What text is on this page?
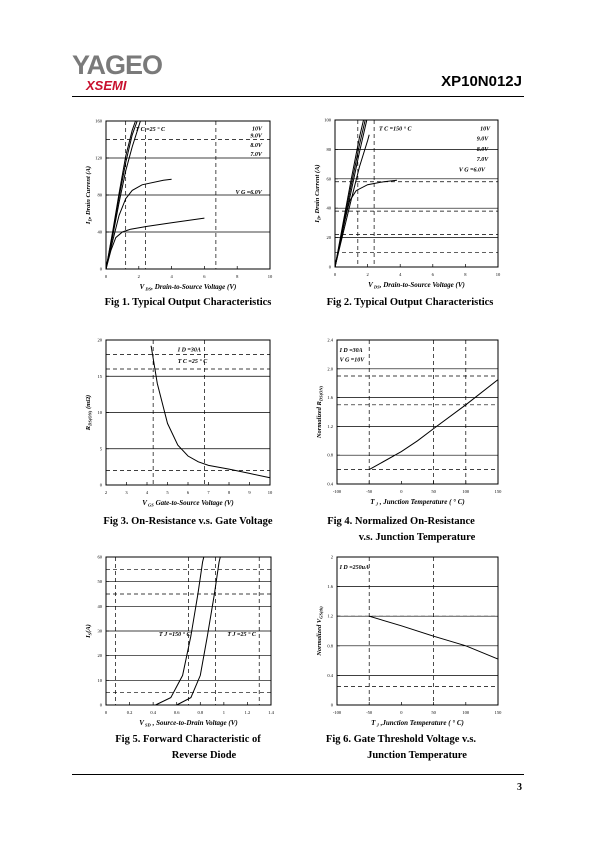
YAGEO
XSEMI	XP10N012J
3
0	2	4	6	8	10
0
40
80
120
160
V $_{DS}$, Drain-to-Source Voltage (V)
$I_D$, Drain Current (A)
T C =25 ° C	10V
9.0V
8.0V
7.0V
V G =6.0V
Fig 1. Typical Output Characteristics
0	2	4	6	8	10
0
20
40
60
80
100
V $_{DS}$, Drain-to-Source Voltage (V)
$I_D$, Drain Current (A)
T C =150 ° C	10V
9.0V
8.0V
7.0V
V G =6.0V
Fig 2. Typical Output Characteristics
2	3	4	5	6	7	8	9	10
0
5
10
15
20
V $_{GS}$ Gate-to-Source Voltage (V)
$R_{DS(ON)}$ (mΩ)
I D =30A
T C =25 ° C
Fig 3. On-Resistance v.s. Gate Voltage
-100	-50	0	50	100	150
0.4
0.8
1.2
1.6
2.0
2.4
T $_J$ , Junction Temperature ( ° C)
Normalized $R_{DS(ON)}$
I D =30A
V G =10V
Fig 4. Normalized On-Resistance
v.s. Junction Temperature
0	0.2	0.4	0.6	0.8	1	1.2	1.4
0
10
20
30
40
50
60
V $_{SD}$ , Source-to-Drain Voltage (V)
$I_S(A)$
T J =150 ° C	T J =25 ° C
Fig 5. Forward Characteristic of
Reverse Diode
-100	-50	0	50	100	150
0
0.4
0.8
1.2
1.6
2
T $_J$ ,Junction Temperature ( ° C)
Normalized $V_{GS(th)}$
I D =250uA
Fig 6. Gate Threshold Voltage v.s.
Junction Temperature
